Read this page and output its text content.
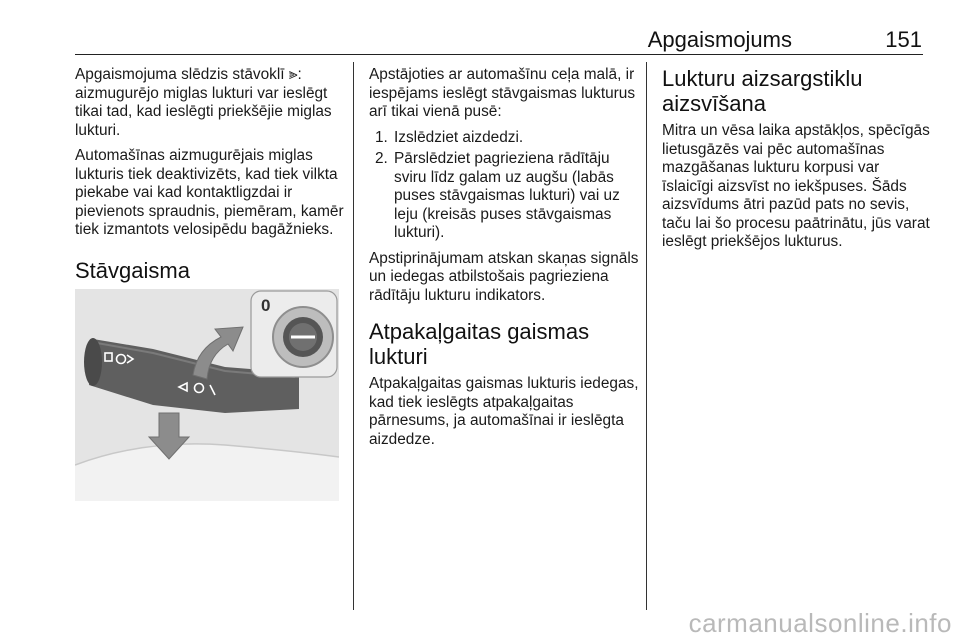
Apgaismojums	151

Apgaismojuma slēdzis stāvoklī ⫸: aizmugurējo miglas lukturi var ieslēgt tikai tad, kad ieslēgti priekšējie miglas lukturi.

Automašīnas aizmugurējais miglas lukturis tiek deaktivizēts, kad tiek vilkta piekabe vai kad kontaktligzdai ir pievienots spraudnis, piemēram, kamēr tiek izmantots velosipēdu bagāžnieks.

Stāvgaisma
0

Apstājoties ar automašīnu ceļa malā, ir iespējams ieslēgt stāvgaismas lukturus arī tikai vienā pusē:

1. Izslēdziet aizdedzi.
2. Pārslēdziet pagrieziena rādītāju sviru līdz galam uz augšu (labās puses stāvgaismas lukturi) vai uz leju (kreisās puses stāvgaismas lukturi).

Apstiprinājumam atskan skaņas signāls un iedegas atbilstošais pagrieziena rādītāju lukturu indikators.

Atpakaļgaitas gaismas lukturi

Atpakaļgaitas gaismas lukturis iedegas, kad tiek ieslēgts atpakaļgaitas pārnesums, ja automašīnai ir ieslēgta aizdedze.

Lukturu aizsargstiklu aizsvīšana

Mitra un vēsa laika apstākļos, spēcīgās lietusgāzēs vai pēc automašīnas mazgāšanas lukturu korpusi var īslaicīgi aizsvīst no iekšpuses. Šāds aizsvīdums ātri pazūd pats no sevis, taču lai šo procesu paātrinātu, jūs varat ieslēgt priekšējos lukturus.

carmanualsonline.info
